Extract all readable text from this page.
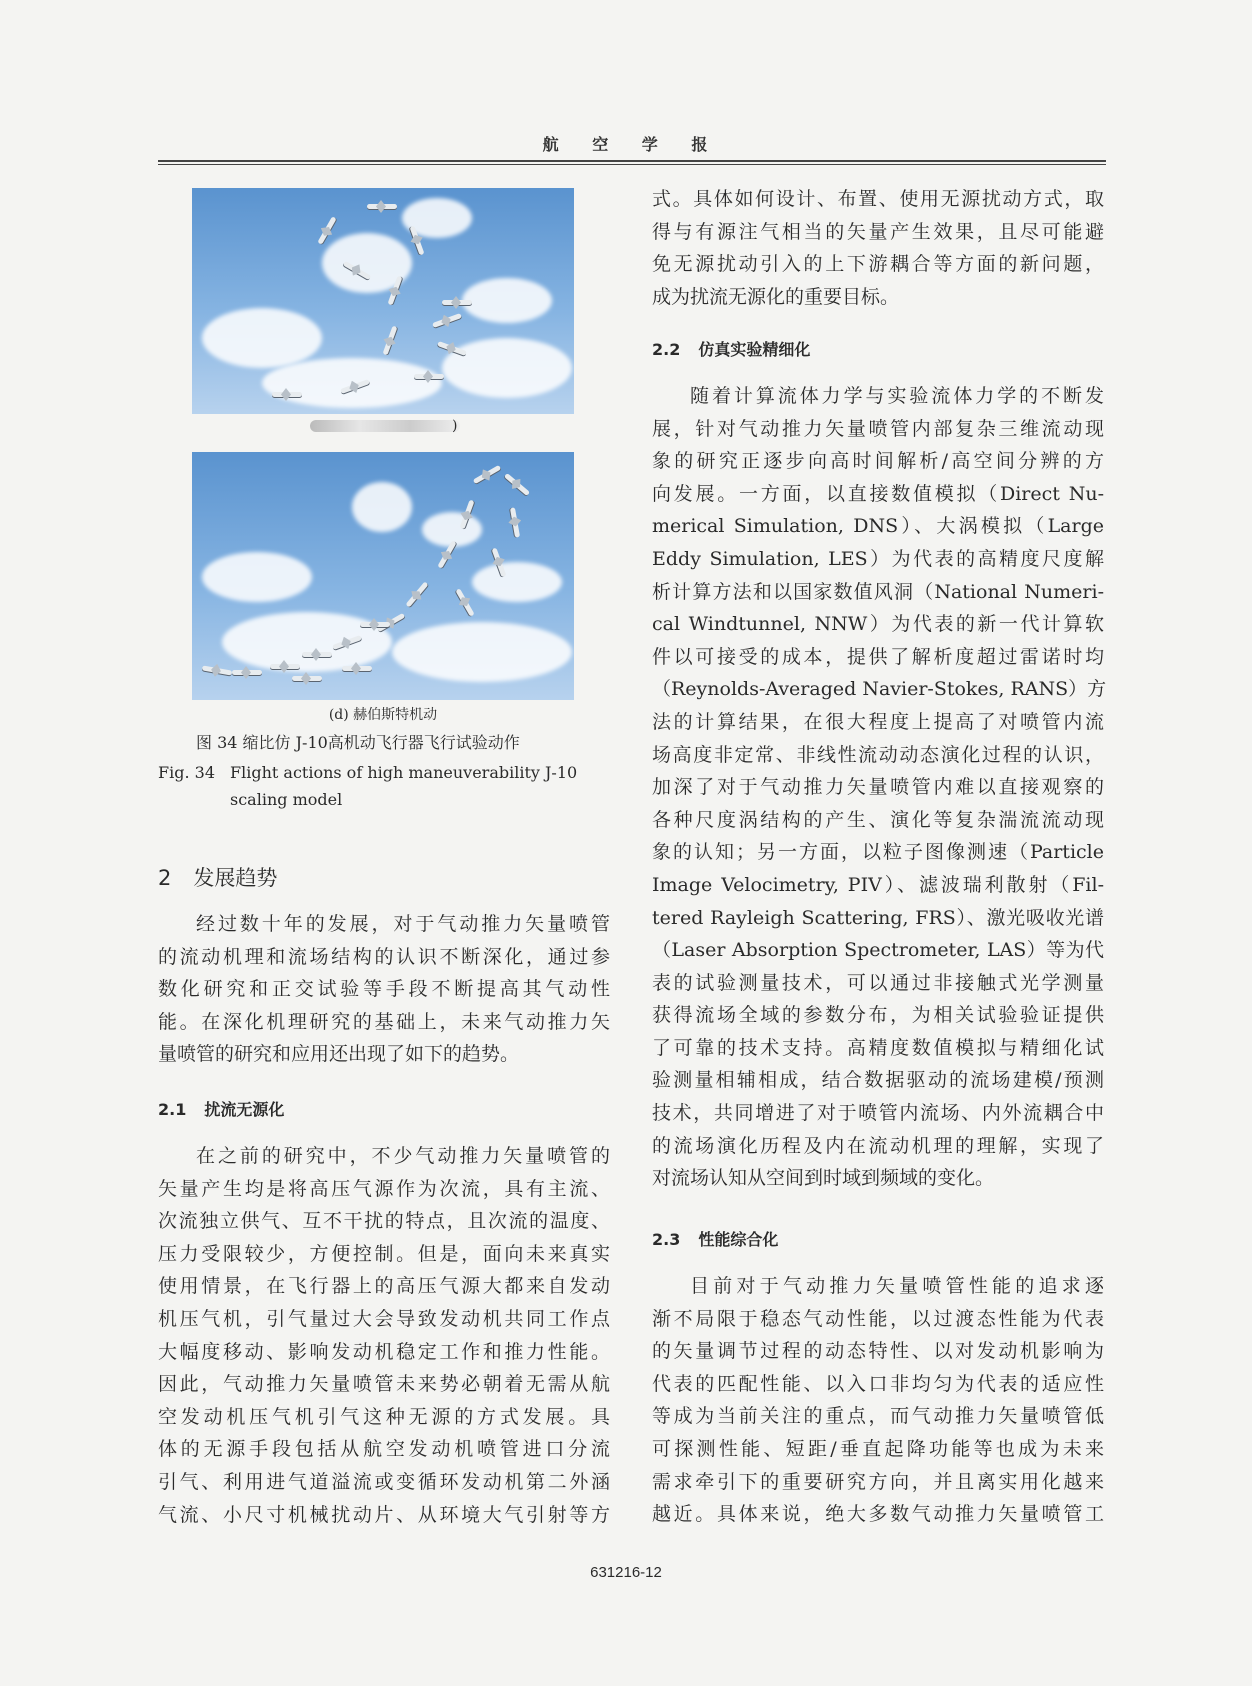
航 空 学 报
)
(d) 赫伯斯特机动
图 34 缩比仿 J-10高机动飞行器飞行试验动作
Fig. 34 Flight actions of high maneuverability J-10 scaling model
2 发展趋势
经过数十年的发展，对于气动推力矢量喷管
的流动机理和流场结构的认识不断深化，通过参
数化研究和正交试验等手段不断提高其气动性
能。在深化机理研究的基础上，未来气动推力矢
量喷管的研究和应用还出现了如下的趋势。
2.1 扰流无源化
在之前的研究中，不少气动推力矢量喷管的
矢量产生均是将高压气源作为次流，具有主流、
次流独立供气、互不干扰的特点，且次流的温度、
压力受限较少，方便控制。但是，面向未来真实
使用情景，在飞行器上的高压气源大都来自发动
机压气机，引气量过大会导致发动机共同工作点
大幅度移动、影响发动机稳定工作和推力性能。
因此，气动推力矢量喷管未来势必朝着无需从航
空发动机压气机引气这种无源的方式发展。具
体的无源手段包括从航空发动机喷管进口分流
引气、利用进气道溢流或变循环发动机第二外涵
气流、小尺寸机械扰动片、从环境大气引射等方
式。具体如何设计、布置、使用无源扰动方式，取
得与有源注气相当的矢量产生效果，且尽可能避
免无源扰动引入的上下游耦合等方面的新问题，
成为扰流无源化的重要目标。
2.2 仿真实验精细化
随着计算流体力学与实验流体力学的不断发
展，针对气动推力矢量喷管内部复杂三维流动现
象的研究正逐步向高时间解析/高空间分辨的方
向发展。一方面，以直接数值模拟（Direct Nu-
merical Simulation, DNS）、大涡模拟（Large
Eddy Simulation, LES）为代表的高精度尺度解
析计算方法和以国家数值风洞（National Numeri-
cal Windtunnel, NNW）为代表的新一代计算软
件以可接受的成本，提供了解析度超过雷诺时均
（Reynolds-Averaged Navier-Stokes, RANS）方
法的计算结果，在很大程度上提高了对喷管内流
场高度非定常、非线性流动动态演化过程的认识，
加深了对于气动推力矢量喷管内难以直接观察的
各种尺度涡结构的产生、演化等复杂湍流流动现
象的认知；另一方面，以粒子图像测速（Particle
Image Velocimetry, PIV）、滤波瑞利散射（Fil-
tered Rayleigh Scattering, FRS）、激光吸收光谱
（Laser Absorption Spectrometer, LAS）等为代
表的试验测量技术，可以通过非接触式光学测量
获得流场全域的参数分布，为相关试验验证提供
了可靠的技术支持。高精度数值模拟与精细化试
验测量相辅相成，结合数据驱动的流场建模/预测
技术，共同增进了对于喷管内流场、内外流耦合中
的流场演化历程及内在流动机理的理解，实现了
对流场认知从空间到时域到频域的变化。
2.3 性能综合化
目前对于气动推力矢量喷管性能的追求逐
渐不局限于稳态气动性能，以过渡态性能为代表
的矢量调节过程的动态特性、以对发动机影响为
代表的匹配性能、以入口非均匀为代表的适应性
等成为当前关注的重点，而气动推力矢量喷管低
可探测性能、短距/垂直起降功能等也成为未来
需求牵引下的重要研究方向，并且离实用化越来
越近。具体来说，绝大多数气动推力矢量喷管工
631216-12
